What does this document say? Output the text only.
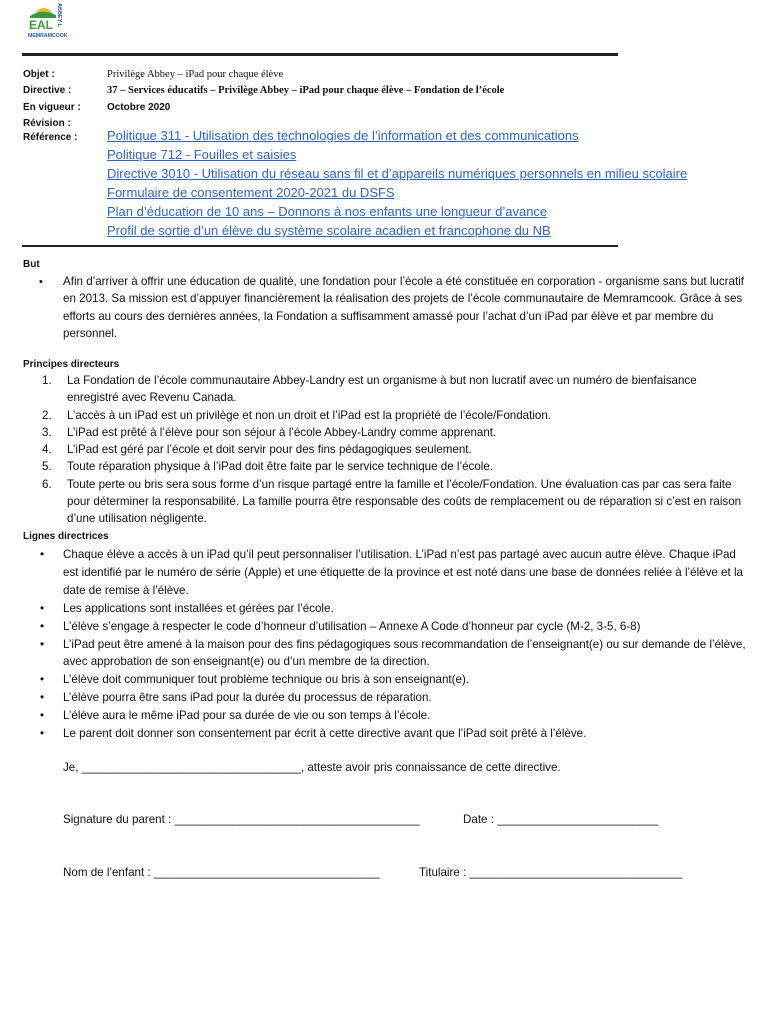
EAL ABBEY-L
MEMRAMCOOK
Objet :	Privilège Abbey – iPad pour chaque élève
Directive :	37 – Services éducatifs – Privilège Abbey – iPad pour chaque élève – Fondation de l’école
En vigueur :	Octobre 2020
Révision :
Référence :	Politique 311 - Utilisation des technologies de l’information et des communications
Politique 712 - Fouilles et saisies
Directive 3010 - Utilisation du réseau sans fil et d’appareils numériques personnels en milieu scolaire
Formulaire de consentement 2020-2021 du DSFS
Plan d’éducation de 10 ans – Donnons à nos enfants une longueur d’avance
Profil de sortie d’un élève du système scolaire acadien et francophone du NB
But
• Afin d’arriver à offrir une éducation de qualité, une fondation pour l’école a été constituée en corporation - organisme sans but lucratif en 2013. Sa mission est d’appuyer financièrement la réalisation des projets de l’école communautaire de Memramcook. Grâce à ses efforts au cours des dernières années, la Fondation a suffisamment amassé pour l’achat d’un iPad par élève et par membre du personnel.
Principes directeurs
1. La Fondation de l’école communautaire Abbey-Landry est un organisme à but non lucratif avec un numéro de bienfaisance enregistré avec Revenu Canada.
2. L’accès à un iPad est un privilège et non un droit et l’iPad est la propriété de l’école/Fondation.
3. L’iPad est prêté à l’élève pour son séjour à l’école Abbey-Landry comme apprenant.
4. L’iPad est géré par l’école et doit servir pour des fins pédagogiques seulement.
5. Toute réparation physique à l’iPad doit être faite par le service technique de l’école.
6. Toute perte ou bris sera sous forme d’un risque partagé entre la famille et l’école/Fondation. Une évaluation cas par cas sera faite pour déterminer la responsabilité. La famille pourra être responsable des coûts de remplacement ou de réparation si c’est en raison d’une utilisation négligente.
Lignes directrices
• Chaque élève a accès à un iPad qu’il peut personnaliser l’utilisation. L’iPad n’est pas partagé avec aucun autre élève. Chaque iPad est identifié par le numéro de série (Apple) et une étiquette de la province et est noté dans une base de données reliée à l’élève et la date de remise à l’élève.
• Les applications sont installées et gérées par l’école.
• L’élève s’engage à respecter le code d’honneur d’utilisation – Annexe A Code d’honneur par cycle (M-2, 3-5, 6-8)
• L’iPad peut être amené à la maison pour des fins pédagogiques sous recommandation de l’enseignant(e) ou sur demande de l’élève, avec approbation de son enseignant(e) ou d’un membre de la direction.
• L’élève doit communiquer tout problème technique ou bris à son enseignant(e).
• L’élève pourra être sans iPad pour la durée du processus de réparation.
• L’élève aura le même iPad pour sa durée de vie ou son temps à l’école.
• Le parent doit donner son consentement par écrit à cette directive avant que l’iPad soit prêté à l’élève.
Je, __________________________________, atteste avoir pris connaissance de cette directive.
Signature du parent : ______________________________________	Date : _________________________
Nom de l’enfant : ___________________________________	Titulaire : _________________________________
